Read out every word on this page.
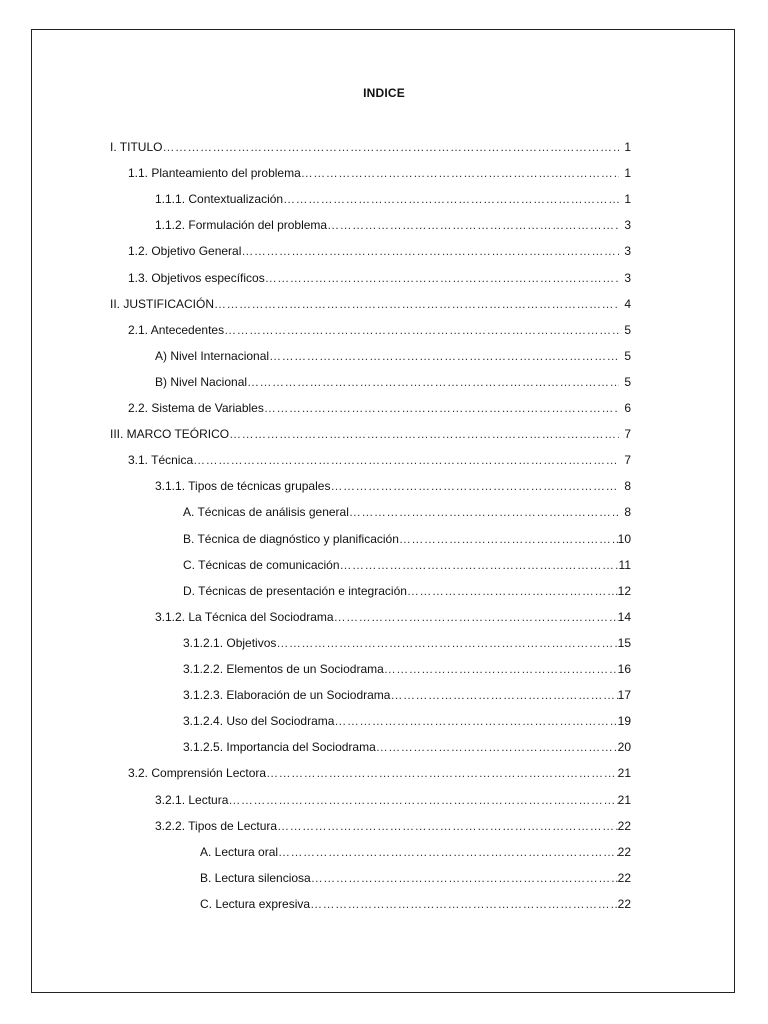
INDICE
I. TITULO …………………………………………………………………………………………………………………………………………………………………	1
1.1. Planteamiento del problema …………………………………………………………………………………………………………………………………………………………………	1
1.1.1. Contextualización …………………………………………………………………………………………………………………………………………………………………	1
1.1.2. Formulación del problema …………………………………………………………………………………………………………………………………………………………………	3
1.2. Objetivo General …………………………………………………………………………………………………………………………………………………………………	3
1.3. Objetivos específicos …………………………………………………………………………………………………………………………………………………………………	3
II. JUSTIFICACIÓN …………………………………………………………………………………………………………………………………………………………………	4
2.1. Antecedentes …………………………………………………………………………………………………………………………………………………………………	5
A) Nivel Internacional …………………………………………………………………………………………………………………………………………………………………	5
B) Nivel Nacional …………………………………………………………………………………………………………………………………………………………………	5
2.2. Sistema de Variables …………………………………………………………………………………………………………………………………………………………………	6
III. MARCO TEÓRICO …………………………………………………………………………………………………………………………………………………………………	7
3.1. Técnica …………………………………………………………………………………………………………………………………………………………………	7
3.1.1. Tipos de técnicas grupales …………………………………………………………………………………………………………………………………………………………………	8
A. Técnicas de análisis general …………………………………………………………………………………………………………………………………………………………………	8
B. Técnica de diagnóstico y planificación …………………………………………………………………………………………………………………………………………………………………	10
C. Técnicas de comunicación …………………………………………………………………………………………………………………………………………………………………	11
D. Técnicas de presentación e integración …………………………………………………………………………………………………………………………………………………………………	12
3.1.2. La Técnica del Sociodrama …………………………………………………………………………………………………………………………………………………………………	14
3.1.2.1. Objetivos …………………………………………………………………………………………………………………………………………………………………	15
3.1.2.2. Elementos de un Sociodrama …………………………………………………………………………………………………………………………………………………………………	16
3.1.2.3. Elaboración de un Sociodrama …………………………………………………………………………………………………………………………………………………………………	17
3.1.2.4. Uso del Sociodrama …………………………………………………………………………………………………………………………………………………………………	19
3.1.2.5. Importancia del Sociodrama …………………………………………………………………………………………………………………………………………………………………	20
3.2. Comprensión Lectora …………………………………………………………………………………………………………………………………………………………………	21
3.2.1. Lectura …………………………………………………………………………………………………………………………………………………………………	21
3.2.2. Tipos de Lectura …………………………………………………………………………………………………………………………………………………………………	22
A. Lectura oral …………………………………………………………………………………………………………………………………………………………………	22
B. Lectura silenciosa …………………………………………………………………………………………………………………………………………………………………	22
C. Lectura expresiva …………………………………………………………………………………………………………………………………………………………………	22
